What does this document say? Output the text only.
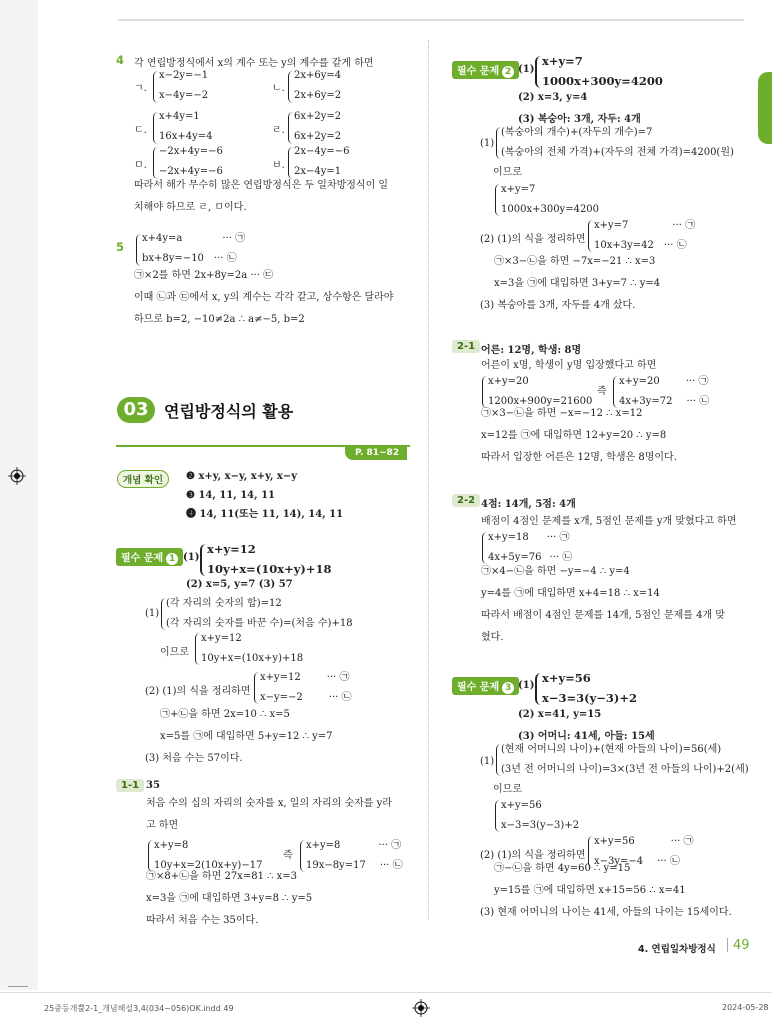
4 각 연립방정식에서 x의 계수 또는 y의 계수를 같게 하면
ㄱ.
x−2y=−1
x−4y=−2
ㄴ.
2x+6y=4
2x+6y=2
ㄷ.
x+4y=1
16x+4y=4
ㄹ.
6x+2y=2
6x+2y=2
ㅁ.
−2x+4y=−6
−2x+4y=−6
ㅂ.
2x−4y=−6
2x−4y=1
따라서 해가 무수히 많은 연립방정식은 두 일차방정식이 일
치해야 하므로 ㄹ, ㅁ이다.
5
x+4y=a	··· ㉠
bx+8y=−10 ··· ㉡
㉠×2를 하면 2x+8y=2a ··· ㉢
이때 ㉡과 ㉢에서 x, y의 계수는 각각 같고, 상수항은 달라야
하므로 b=2, −10≠2a ∴ a≠−5, b=2
03 연립방정식의 활용
P. 81~82
개념 확인	❷ x+y, x−y, x+y, x−y
❸ 14, 11, 14, 11
❹ 14, 11(또는 11, 14), 14, 11
필수 문제 1 (1)
x+y=12
10y+x=(10x+y)+18
(2) x=5, y=7 (3) 57
(1)
(각 자리의 숫자의 합)=12
(각 자리의 숫자를 바꾼 수)=(처음 수)+18
이므로
x+y=12
10y+x=(10x+y)+18
(2) (1)의 식을 정리하면
x+y=12	··· ㉠
x−y=−2	··· ㉡
㉠+㉡을 하면 2x=10 ∴ x=5
x=5를 ㉠에 대입하면 5+y=12 ∴ y=7
(3) 처음 수는 57이다.
1-1 35
처음 수의 십의 자리의 숫자를 x, 일의 자리의 숫자를 y라
고 하면
x+y=8
10y+x=2(10x+y)−17
즉
x+y=8	··· ㉠
19x−8y=17 ··· ㉡
㉠×8+㉡을 하면 27x=81 ∴ x=3
x=3을 ㉠에 대입하면 3+y=8 ∴ y=5
따라서 처음 수는 35이다.
필수 문제 2 (1)
x+y=7
1000x+300y=4200
(2) x=3, y=4
(3) 복숭아: 3개, 자두: 4개
(1)
(복숭아의 개수)+(자두의 개수)=7
(복숭아의 전체 가격)+(자두의 전체 가격)=4200(원)
이므로
x+y=7
1000x+300y=4200
(2) (1)의 식을 정리하면
x+y=7	··· ㉠
10x+3y=42 ··· ㉡
㉠×3−㉡을 하면 −7x=−21 ∴ x=3
x=3을 ㉠에 대입하면 3+y=7 ∴ y=4
(3) 복숭아를 3개, 자두를 4개 샀다.
2-1 어른: 12명, 학생: 8명
어른이 x명, 학생이 y명 입장했다고 하면
x+y=20
1200x+900y=21600
즉
x+y=20	··· ㉠
4x+3y=72 ··· ㉡
㉠×3−㉡을 하면 −x=−12 ∴ x=12
x=12를 ㉠에 대입하면 12+y=20 ∴ y=8
따라서 입장한 어른은 12명, 학생은 8명이다.
2-2 4점: 14개, 5점: 4개
배점이 4점인 문제를 x개, 5점인 문제를 y개 맞혔다고 하면
x+y=18 ··· ㉠
4x+5y=76 ··· ㉡
㉠×4−㉡을 하면 −y=−4 ∴ y=4
y=4를 ㉠에 대입하면 x+4=18 ∴ x=14
따라서 배점이 4점인 문제를 14개, 5점인 문제를 4개 맞
혔다.
필수 문제 3 (1)
x+y=56
x−3=3(y−3)+2
(2) x=41, y=15
(3) 어머니: 41세, 아들: 15세
(1)
(현재 어머니의 나이)+(현재 아들의 나이)=56(세)
(3년 전 어머니의 나이)=3×(3년 전 아들의 나이)+2(세)
이므로
x+y=56
x−3=3(y−3)+2
(2) (1)의 식을 정리하면
x+y=56	··· ㉠
x−3y=−4 ··· ㉡
㉠−㉡을 하면 4y=60 ∴ y=15
y=15를 ㉠에 대입하면 x+15=56 ∴ x=41
(3) 현재 어머니의 나이는 41세, 아들의 나이는 15세이다.
4. 연립일차방정식 49
25중등개뿔2-1_개념해설3,4(034~056)OK.indd 49	2024-05-28
